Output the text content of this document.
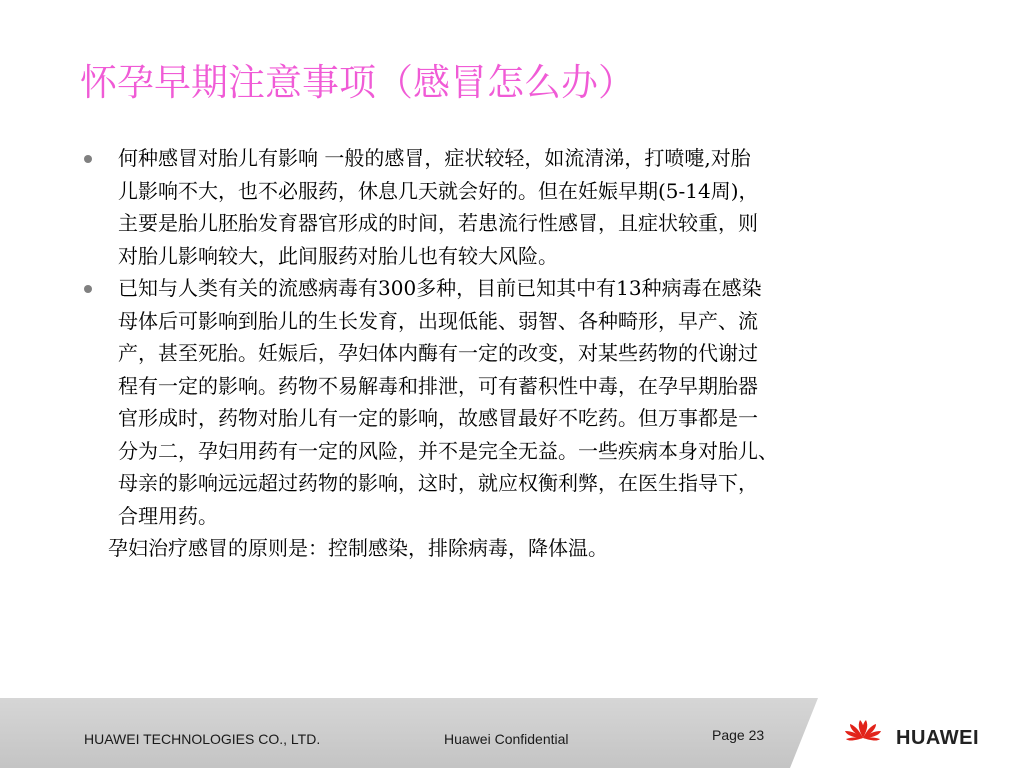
怀孕早期注意事项（感冒怎么办）
何种感冒对胎儿有影响 一般的感冒，症状较轻，如流清涕，打喷嚏,对胎
儿影响不大，也不必服药，休息几天就会好的。但在妊娠早期(5-14周)，
主要是胎儿胚胎发育器官形成的时间，若患流行性感冒，且症状较重，则
对胎儿影响较大，此间服药对胎儿也有较大风险。
已知与人类有关的流感病毒有300多种，目前已知其中有13种病毒在感染
母体后可影响到胎儿的生长发育，出现低能、弱智、各种畸形，早产、流
产，甚至死胎。妊娠后，孕妇体内酶有一定的改变，对某些药物的代谢过
程有一定的影响。药物不易解毒和排泄，可有蓄积性中毒，在孕早期胎器
官形成时，药物对胎儿有一定的影响，故感冒最好不吃药。但万事都是一
分为二，孕妇用药有一定的风险，并不是完全无益。一些疾病本身对胎儿、
母亲的影响远远超过药物的影响，这时，就应权衡利弊，在医生指导下，
合理用药。
孕妇治疗感冒的原则是：控制感染，排除病毒，降体温。
HUAWEI TECHNOLOGIES CO., LTD.	Huawei Confidential	Page 23	HUAWEI
